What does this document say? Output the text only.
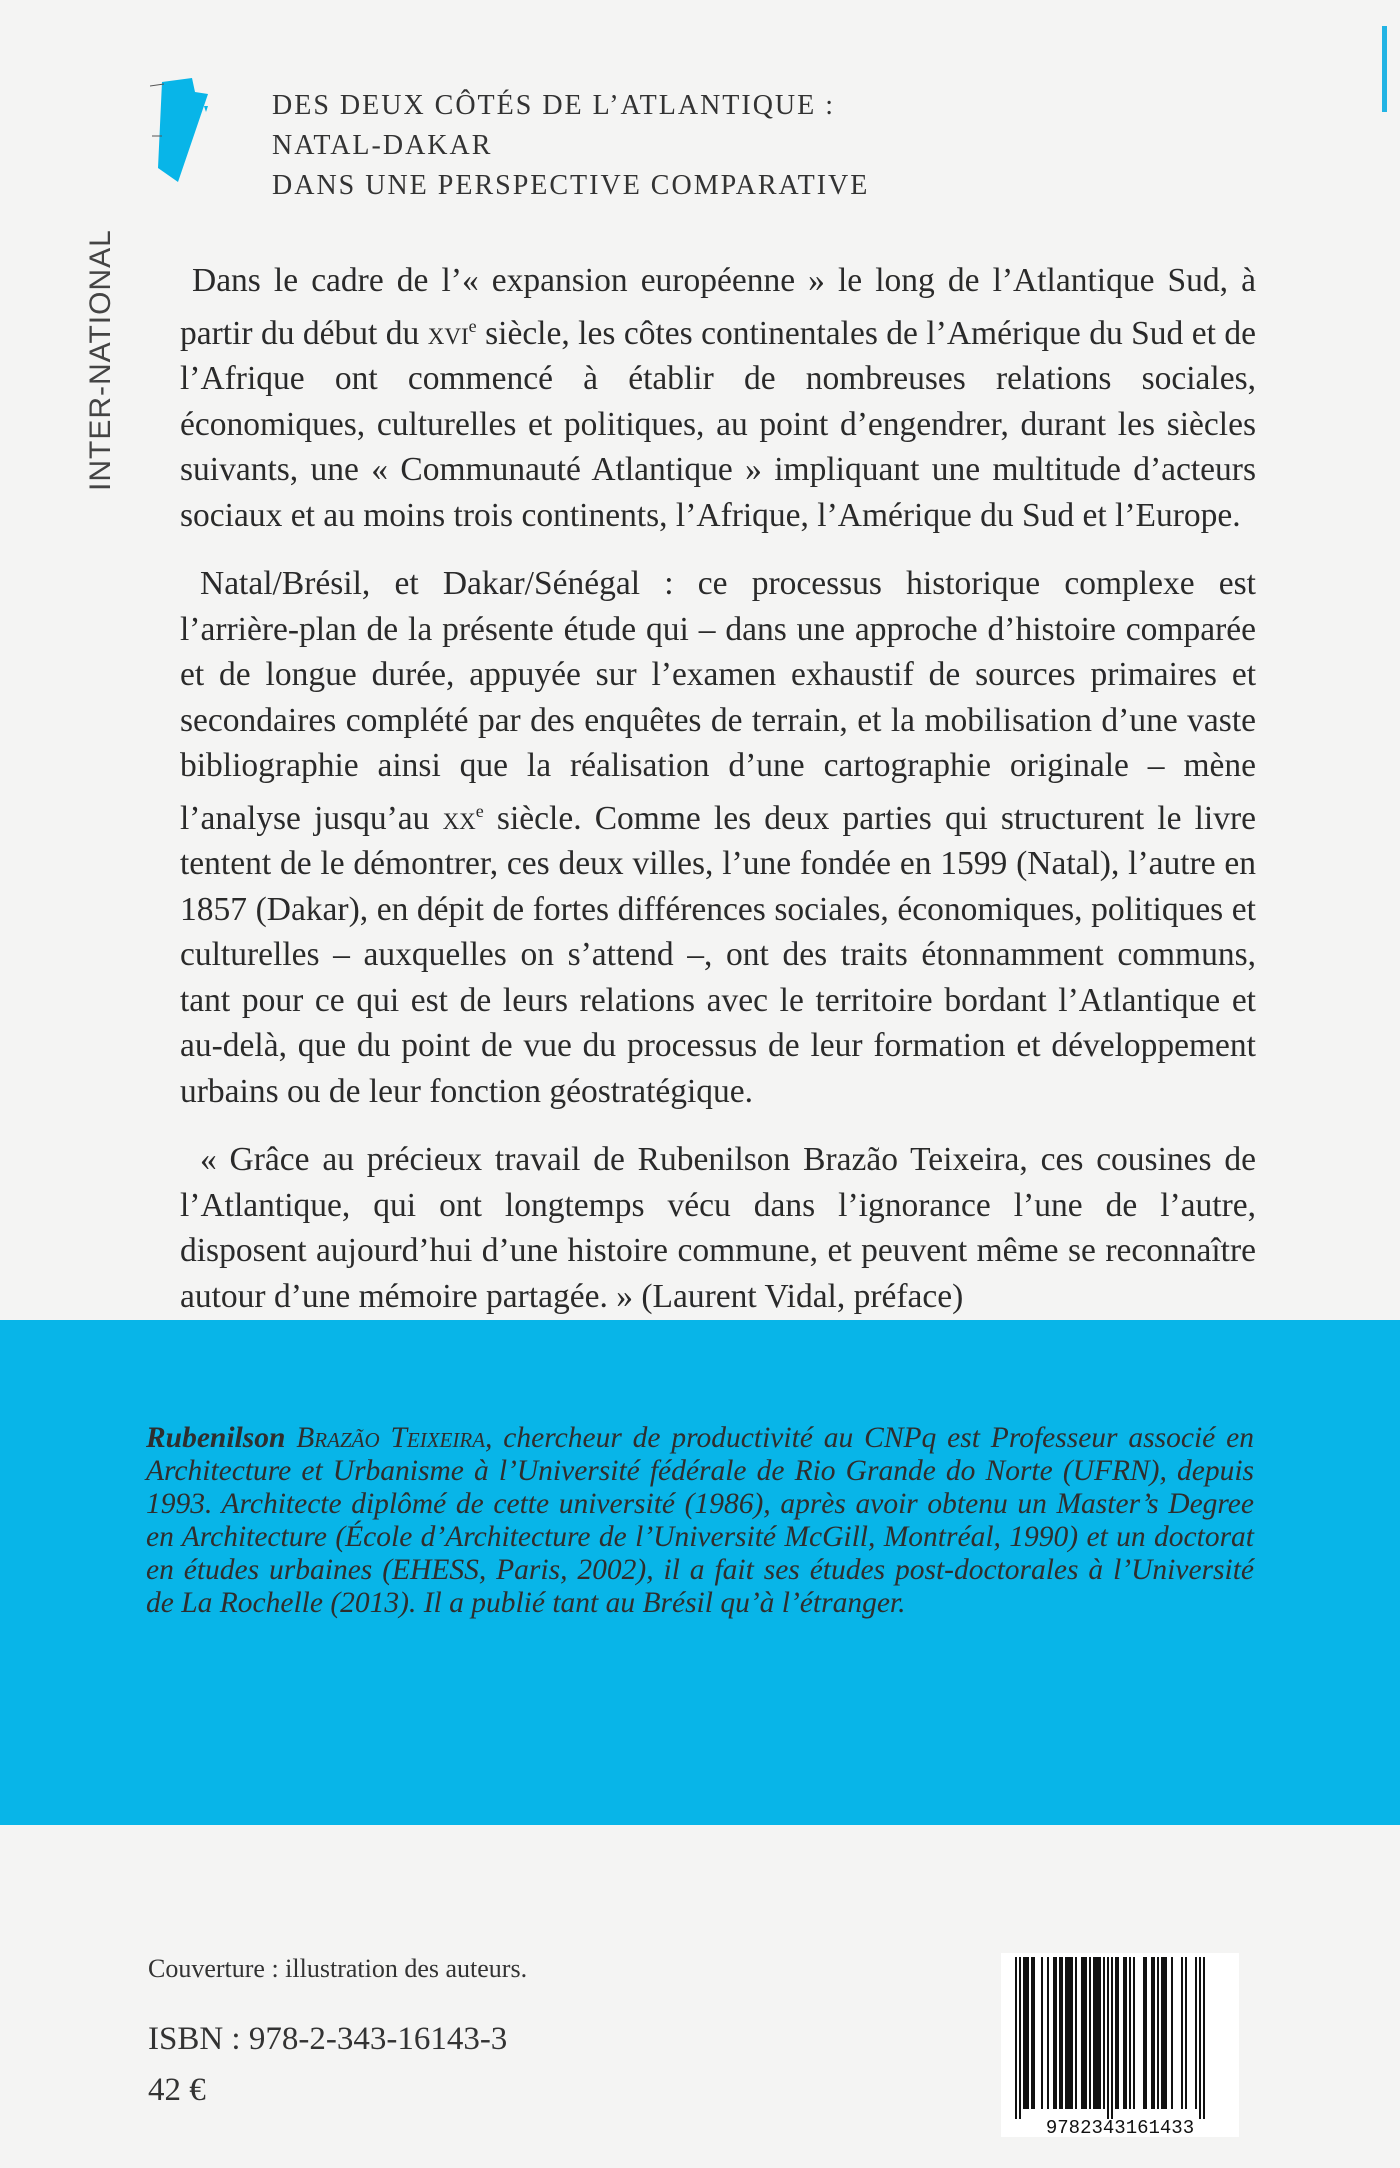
INTER-NATIONAL
DES DEUX CÔTÉS DE L’ATLANTIQUE :
NATAL-DAKAR
DANS UNE PERSPECTIVE COMPARATIVE

Dans le cadre de l’« expansion européenne » le long de l’Atlantique Sud, à partir du début du xvi$^e$ siècle, les côtes continentales de l’Amérique du Sud et de l’Afrique ont commencé à établir de nombreuses relations sociales, économiques, culturelles et politiques, au point d’engendrer, durant les siècles suivants, une « Communauté Atlantique » impliquant une multitude d’acteurs sociaux et au moins trois continents, l’Afrique, l’Amérique du Sud et l’Europe.

Natal/Brésil, et Dakar/Sénégal : ce processus historique complexe est l’arrière-plan de la présente étude qui – dans une approche d’histoire comparée et de longue durée, appuyée sur l’examen exhaustif de sources primaires et secondaires complété par des enquêtes de terrain, et la mobilisation d’une vaste bibliographie ainsi que la réalisation d’une cartographie originale – mène l’analyse jusqu’au $xx^e$ siècle. Comme les deux parties qui structurent le livre tentent de le démontrer, ces deux villes, l’une fondée en 1599 (Natal), l’autre en 1857 (Dakar), en dépit de fortes différences sociales, économiques, politiques et culturelles – auxquelles on s’attend –, ont des traits étonnamment communs, tant pour ce qui est de leurs relations avec le territoire bordant l’Atlantique et au-delà, que du point de vue du processus de leur formation et développement urbains ou de leur fonction géostratégique.

« Grâce au précieux travail de Rubenilson Brazão Teixeira, ces cousines de l’Atlantique, qui ont longtemps vécu dans l’ignorance l’une de l’autre, disposent aujourd’hui d’une histoire commune, et peuvent même se reconnaître autour d’une mémoire partagée. » (Laurent Vidal, préface)

Rubenilson Brazão Teixeira, chercheur de productivité au CNPq est Professeur associé en Architecture et Urbanisme à l’Université fédérale de Rio Grande do Norte (UFRN), depuis 1993. Architecte diplômé de cette université (1986), après avoir obtenu un Master’s Degree en Architecture (École d’Architecture de l’Université McGill, Montréal, 1990) et un doctorat en études urbaines (EHESS, Paris, 2002), il a fait ses études post-doctorales à l’Université de La Rochelle (2013). Il a publié tant au Brésil qu’à l’étranger.

Couverture : illustration des auteurs.
ISBN : 978-2-343-16143-3
42 €
9782343161433
